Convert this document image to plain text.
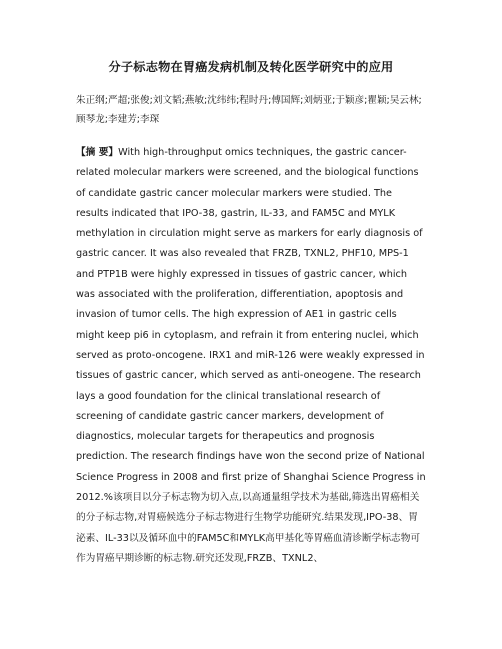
分子标志物在胃癌发病机制及转化医学研究中的应用
朱正纲;严超;张俊;刘文韬;燕敏;沈纬纬;程时丹;傅国辉;刘炳亚;于颖彦;瞿颖;吴云林;顾琴龙;李建芳;李琛

【摘 要】With high-throughput omics techniques, the gastric cancer-related molecular markers were screened, and the biological functions of candidate gastric cancer molecular markers were studied. The results indicated that IPO-38, gastrin, IL-33, and FAM5C and MYLK methylation in circulation might serve as markers for early diagnosis of gastric cancer. It was also revealed that FRZB, TXNL2, PHF10, MPS-1 and PTP1B were highly expressed in tissues of gastric cancer, which was associated with the proliferation, differentiation, apoptosis and invasion of tumor cells. The high expression of AE1 in gastric cells might keep pi6 in cytoplasm, and refrain it from entering nuclei, which served as proto-oncogene. IRX1 and miR-126 were weakly expressed in tissues of gastric cancer, which served as anti-oneogene. The research lays a good foundation for the clinical translational research of screening of candidate gastric cancer markers, development of diagnostics, molecular targets for therapeutics and prognosis prediction. The research findings have won the second prize of National Science Progress in 2008 and first prize of Shanghai Science Progress in 2012.%该项目以分子标志物为切入点,以高通量组学技术为基础,筛选出胃癌相关的分子标志物,对胃癌候选分子标志物进行生物学功能研究.结果发现,IPO-38、胃泌素、IL-33以及循环血中的FAM5C和MYLK高甲基化等胃癌血清诊断学标志物可作为胃癌早期诊断的标志物.研究还发现,FRZB、TXNL2、
